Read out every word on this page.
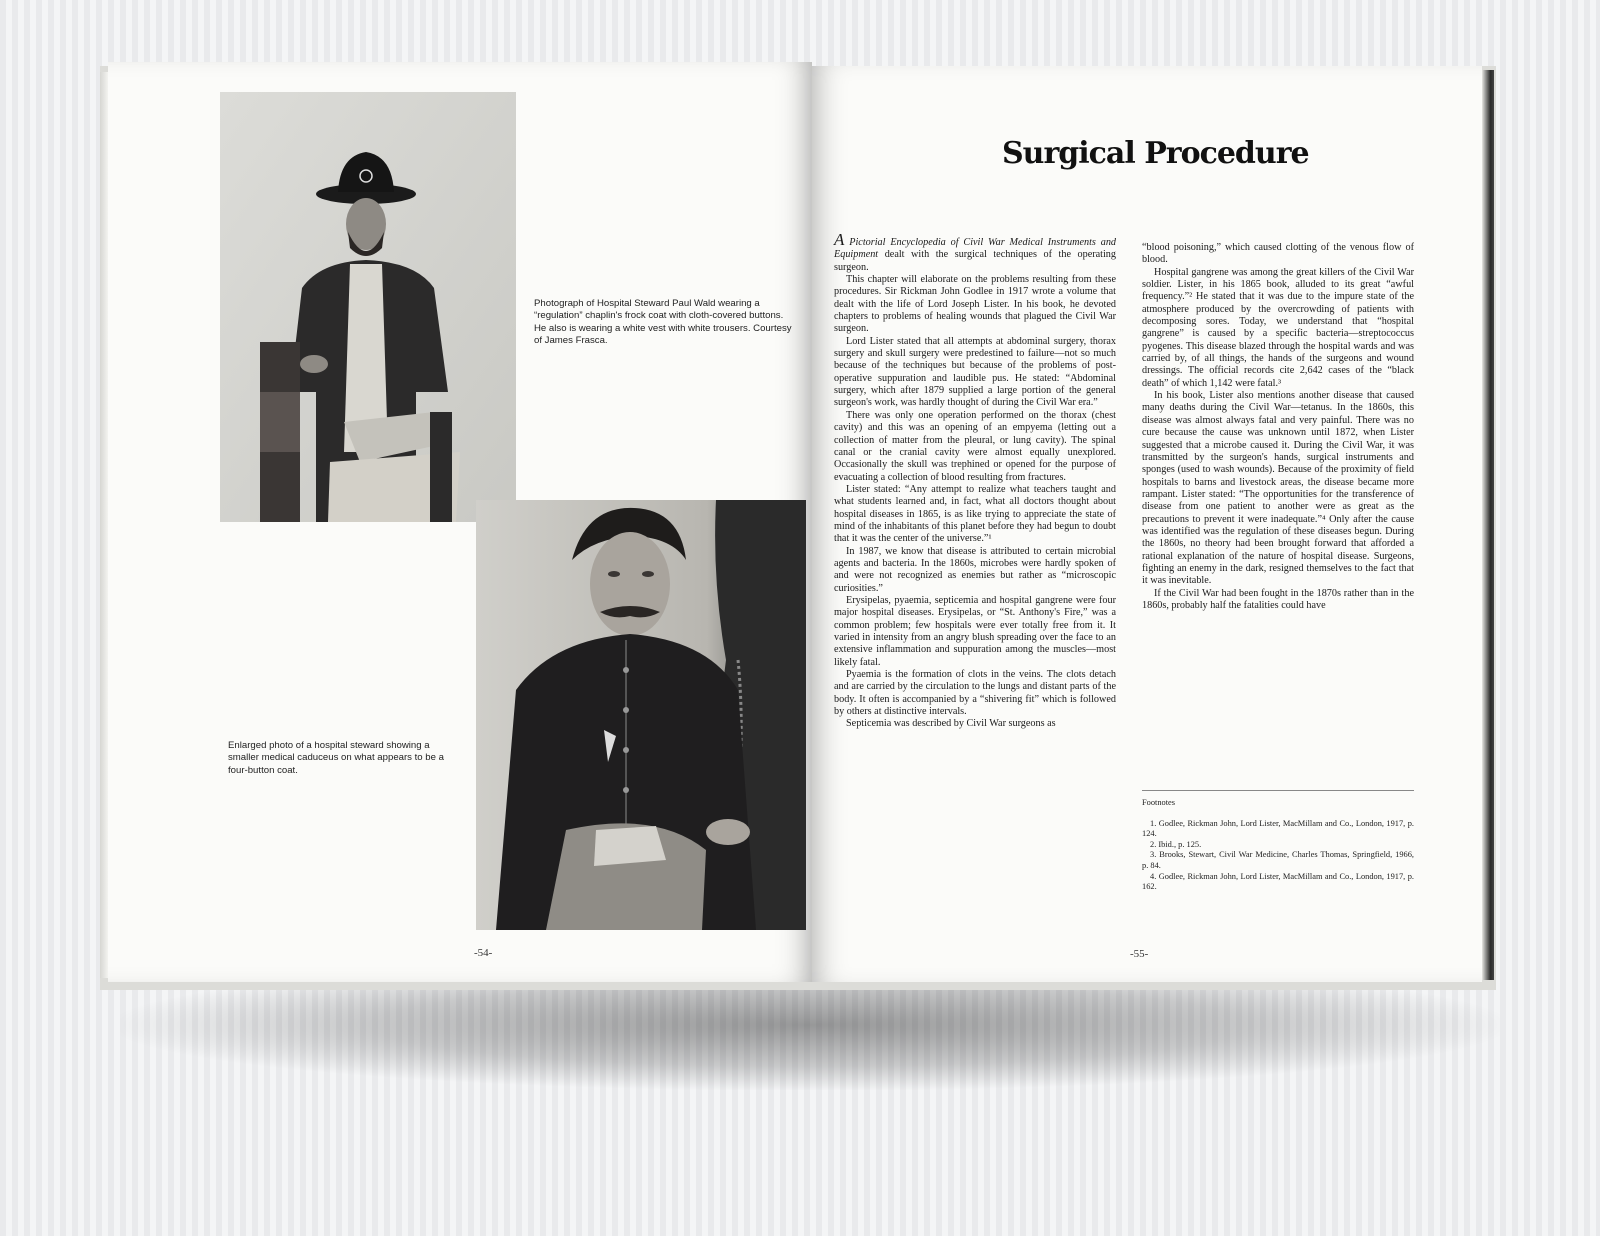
Photograph of Hospital Steward Paul Wald wearing a “regulation” chaplin's frock coat with cloth-covered buttons. He also is wearing a white vest with white trousers. Courtesy of James Frasca.
Enlarged photo of a hospital steward showing a smaller medical caduceus on what appears to be a four-button coat.
-54-
Surgical Procedure

A Pictorial Encyclopedia of Civil War Medical Instruments and Equipment dealt with the surgical techniques of the operating surgeon.

This chapter will elaborate on the problems resulting from these procedures. Sir Rickman John Godlee in 1917 wrote a volume that dealt with the life of Lord Joseph Lister. In his book, he devoted chapters to problems of healing wounds that plagued the Civil War surgeon.

Lord Lister stated that all attempts at abdominal surgery, thorax surgery and skull surgery were predestined to failure—not so much because of the techniques but because of the problems of post-operative suppuration and laudible pus. He stated: “Abdominal surgery, which after 1879 supplied a large portion of the general surgeon's work, was hardly thought of during the Civil War era.”

There was only one operation performed on the thorax (chest cavity) and this was an opening of an empyema (letting out a collection of matter from the pleural, or lung cavity). The spinal canal or the cranial cavity were almost equally unexplored. Occasionally the skull was trephined or opened for the purpose of evacuating a collection of blood resulting from fractures.

Lister stated: “Any attempt to realize what teachers taught and what students learned and, in fact, what all doctors thought about hospital diseases in 1865, is as like trying to appreciate the state of mind of the inhabitants of this planet before they had begun to doubt that it was the center of the universe.”¹

In 1987, we know that disease is attributed to certain microbial agents and bacteria. In the 1860s, microbes were hardly spoken of and were not recognized as enemies but rather as “microscopic curiosities.”

Erysipelas, pyaemia, septicemia and hospital gangrene were four major hospital diseases. Erysipelas, or “St. Anthony's Fire,” was a common problem; few hospitals were ever totally free from it. It varied in intensity from an angry blush spreading over the face to an extensive inflammation and suppuration among the muscles—most likely fatal.

Pyaemia is the formation of clots in the veins. The clots detach and are carried by the circulation to the lungs and distant parts of the body. It often is accompanied by a “shivering fit” which is followed by others at distinctive intervals.

Septicemia was described by Civil War surgeons as

“blood poisoning,” which caused clotting of the venous flow of blood.

Hospital gangrene was among the great killers of the Civil War soldier. Lister, in his 1865 book, alluded to its great “awful frequency.”² He stated that it was due to the impure state of the atmosphere produced by the overcrowding of patients with decomposing sores. Today, we understand that “hospital gangrene” is caused by a specific bacteria—streptococcus pyogenes. This disease blazed through the hospital wards and was carried by, of all things, the hands of the surgeons and wound dressings. The official records cite 2,642 cases of the “black death” of which 1,142 were fatal.³

In his book, Lister also mentions another disease that caused many deaths during the Civil War—tetanus. In the 1860s, this disease was almost always fatal and very painful. There was no cure because the cause was unknown until 1872, when Lister suggested that a microbe caused it. During the Civil War, it was transmitted by the surgeon's hands, surgical instruments and sponges (used to wash wounds). Because of the proximity of field hospitals to barns and livestock areas, the disease became more rampant. Lister stated: “The opportunities for the transference of disease from one patient to another were as great as the precautions to prevent it were inadequate.”⁴ Only after the cause was identified was the regulation of these diseases begun. During the 1860s, no theory had been brought forward that afforded a rational explanation of the nature of hospital disease. Surgeons, fighting an enemy in the dark, resigned themselves to the fact that it was inevitable.

If the Civil War had been fought in the 1870s rather than in the 1860s, probably half the fatalities could have

Footnotes
1. Godlee, Rickman John, Lord Lister, MacMillam and Co., London, 1917, p. 124.
2. Ibid., p. 125.
3. Brooks, Stewart, Civil War Medicine, Charles Thomas, Springfield, 1966, p. 84.
4. Godlee, Rickman John, Lord Lister, MacMillam and Co., London, 1917, p. 162.
-55-
